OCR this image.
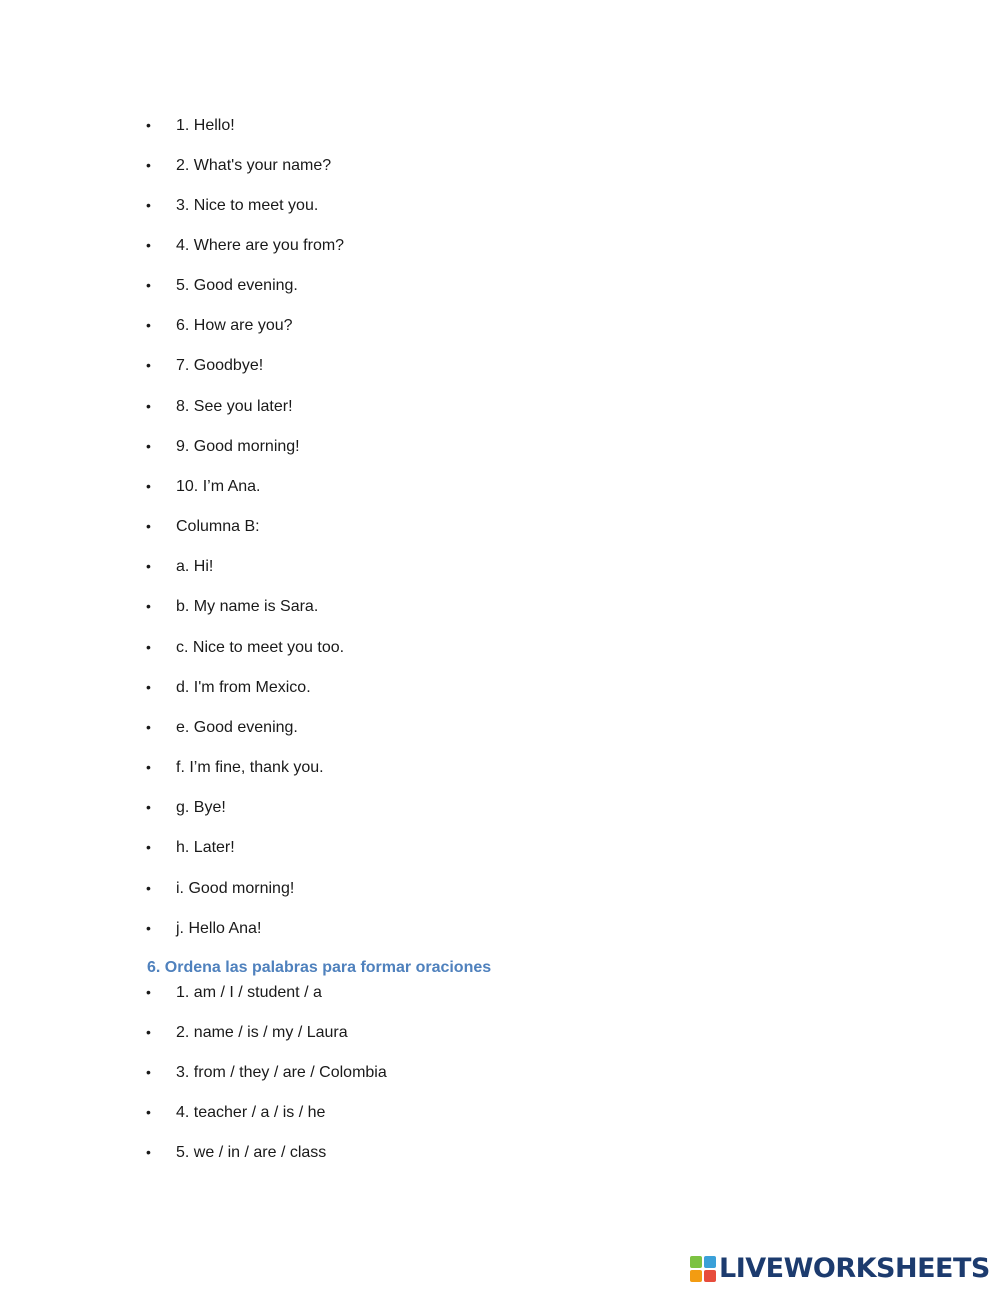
• 1. Hello!
• 2. What's your name?
• 3. Nice to meet you.
• 4. Where are you from?
• 5. Good evening.
• 6. How are you?
• 7. Goodbye!
• 8. See you later!
• 9. Good morning!
• 10. I’m Ana.
• Columna B:
• a. Hi!
• b. My name is Sara.
• c. Nice to meet you too.
• d. I'm from Mexico.
• e. Good evening.
• f. I’m fine, thank you.
• g. Bye!
• h. Later!
• i. Good morning!
• j. Hello Ana!
6. Ordena las palabras para formar oraciones
• 1. am / I / student / a
• 2. name / is / my / Laura
• 3. from / they / are / Colombia
• 4. teacher / a / is / he
• 5. we / in / are / class
LIVEWORKSHEETS
